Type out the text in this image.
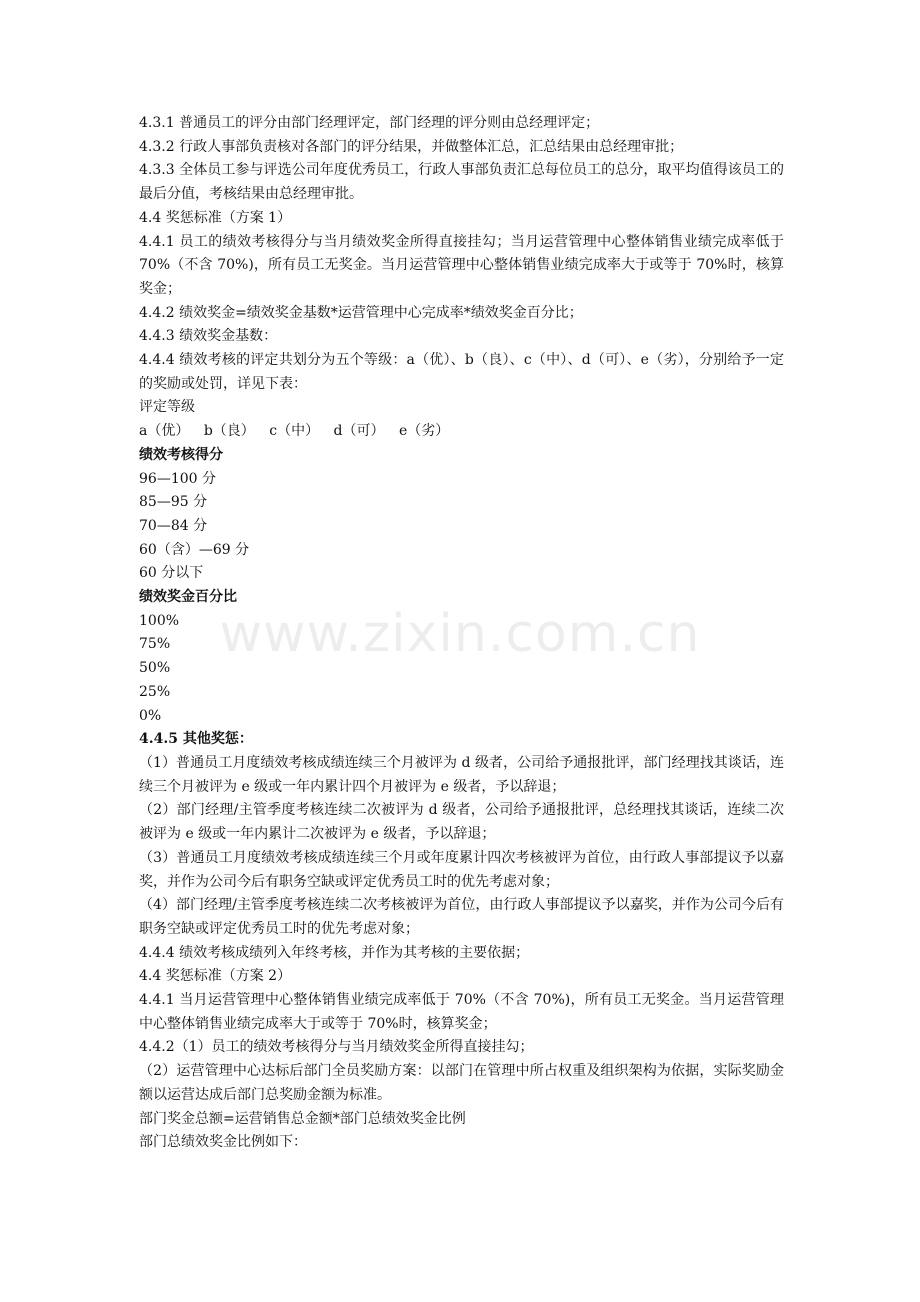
www.zixin.com.cn

4.3.1 普通员工的评分由部门经理评定，部门经理的评分则由总经理评定；

4.3.2 行政人事部负责核对各部门的评分结果，并做整体汇总，汇总结果由总经理审批；

4.3.3 全体员工参与评选公司年度优秀员工，行政人事部负责汇总每位员工的总分，取平均值得该员工的最后分值，考核结果由总经理审批。

4.4 奖惩标准（方案 1）

4.4.1 员工的绩效考核得分与当月绩效奖金所得直接挂勾；当月运营管理中心整体销售业绩完成率低于 70%（不含 70%)，所有员工无奖金。当月运营管理中心整体销售业绩完成率大于或等于 70%时，核算奖金；

4.4.2 绩效奖金=绩效奖金基数*运营管理中心完成率*绩效奖金百分比；

4.4.3 绩效奖金基数：

4.4.4 绩效考核的评定共划分为五个等级：a（优）、b（良）、c（中）、d（可）、e（劣），分别给予一定的奖励或处罚，详见下表：

评定等级

a（优） b（良） c（中） d（可） e（劣）

绩效考核得分

96—100 分

85—95 分

70—84 分

60（含）—69 分

60 分以下

绩效奖金百分比

100%

75%

50%

25%

0%

4.4.5 其他奖惩：

（1）普通员工月度绩效考核成绩连续三个月被评为 d 级者，公司给予通报批评，部门经理找其谈话，连续三个月被评为 e 级或一年内累计四个月被评为 e 级者，予以辞退；

（2）部门经理/主管季度考核连续二次被评为 d 级者，公司给予通报批评，总经理找其谈话，连续二次被评为 e 级或一年内累计二次被评为 e 级者，予以辞退；

（3）普通员工月度绩效考核成绩连续三个月或年度累计四次考核被评为首位，由行政人事部提议予以嘉奖，并作为公司今后有职务空缺或评定优秀员工时的优先考虑对象；

（4）部门经理/主管季度考核连续二次考核被评为首位，由行政人事部提议予以嘉奖，并作为公司今后有职务空缺或评定优秀员工时的优先考虑对象；

4.4.4 绩效考核成绩列入年终考核，并作为其考核的主要依据；

4.4 奖惩标准（方案 2）

4.4.1 当月运营管理中心整体销售业绩完成率低于 70%（不含 70%)，所有员工无奖金。当月运营管理中心整体销售业绩完成率大于或等于 70%时，核算奖金；

4.4.2（1）员工的绩效考核得分与当月绩效奖金所得直接挂勾；

（2）运营管理中心达标后部门全员奖励方案：以部门在管理中所占权重及组织架构为依据，实际奖励金额以运营达成后部门总奖励金额为标准。

部门奖金总额=运营销售总金额*部门总绩效奖金比例

部门总绩效奖金比例如下：
